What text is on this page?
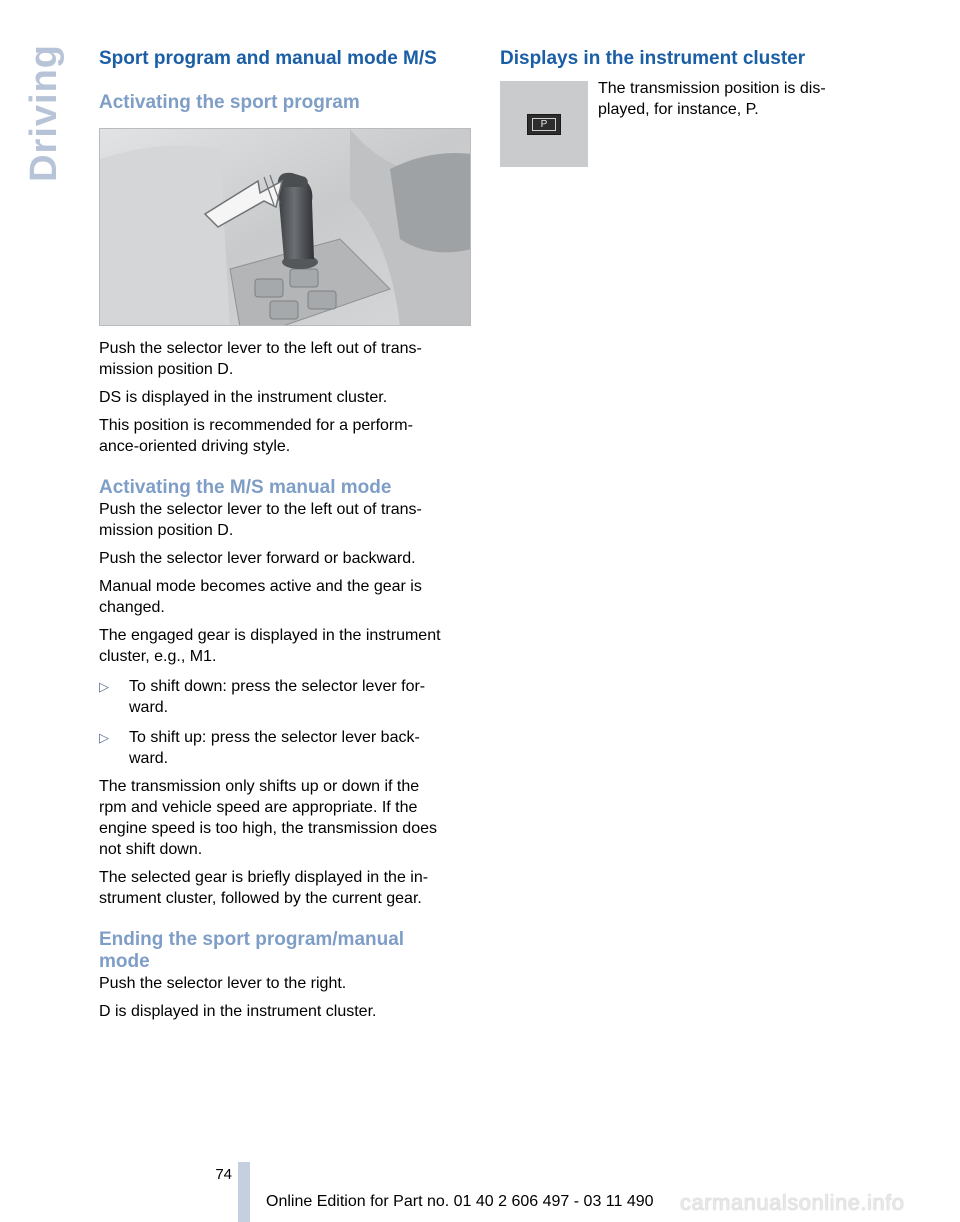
Driving Sport program and manual mode M/S
Activating the sport program

Push the selector lever to the left out of trans-

mission position D.

DS is displayed in the instrument cluster.

This position is recommended for a perform-

ance-oriented driving style.

Activating the M/S manual mode

Push the selector lever to the left out of trans-

mission position D.

Push the selector lever forward or backward.

Manual mode becomes active and the gear is

changed.

The engaged gear is displayed in the instrument

cluster, e.g., M1.

▷	To shift down: press the selector lever for-
ward.
▷	To shift up: press the selector lever back-
ward.

The transmission only shifts up or down if the

rpm and vehicle speed are appropriate. If the

engine speed is too high, the transmission does

not shift down.

The selected gear is briefly displayed in the in-

strument cluster, followed by the current gear.

Ending the sport program/manual
mode

Push the selector lever to the right.

D is displayed in the instrument cluster.

Displays in the instrument cluster
P

The transmission position is dis-

played, for instance, P.

74
Online Edition for Part no. 01 40 2 606 497 - 03 11 490 carmanualsonline.info
